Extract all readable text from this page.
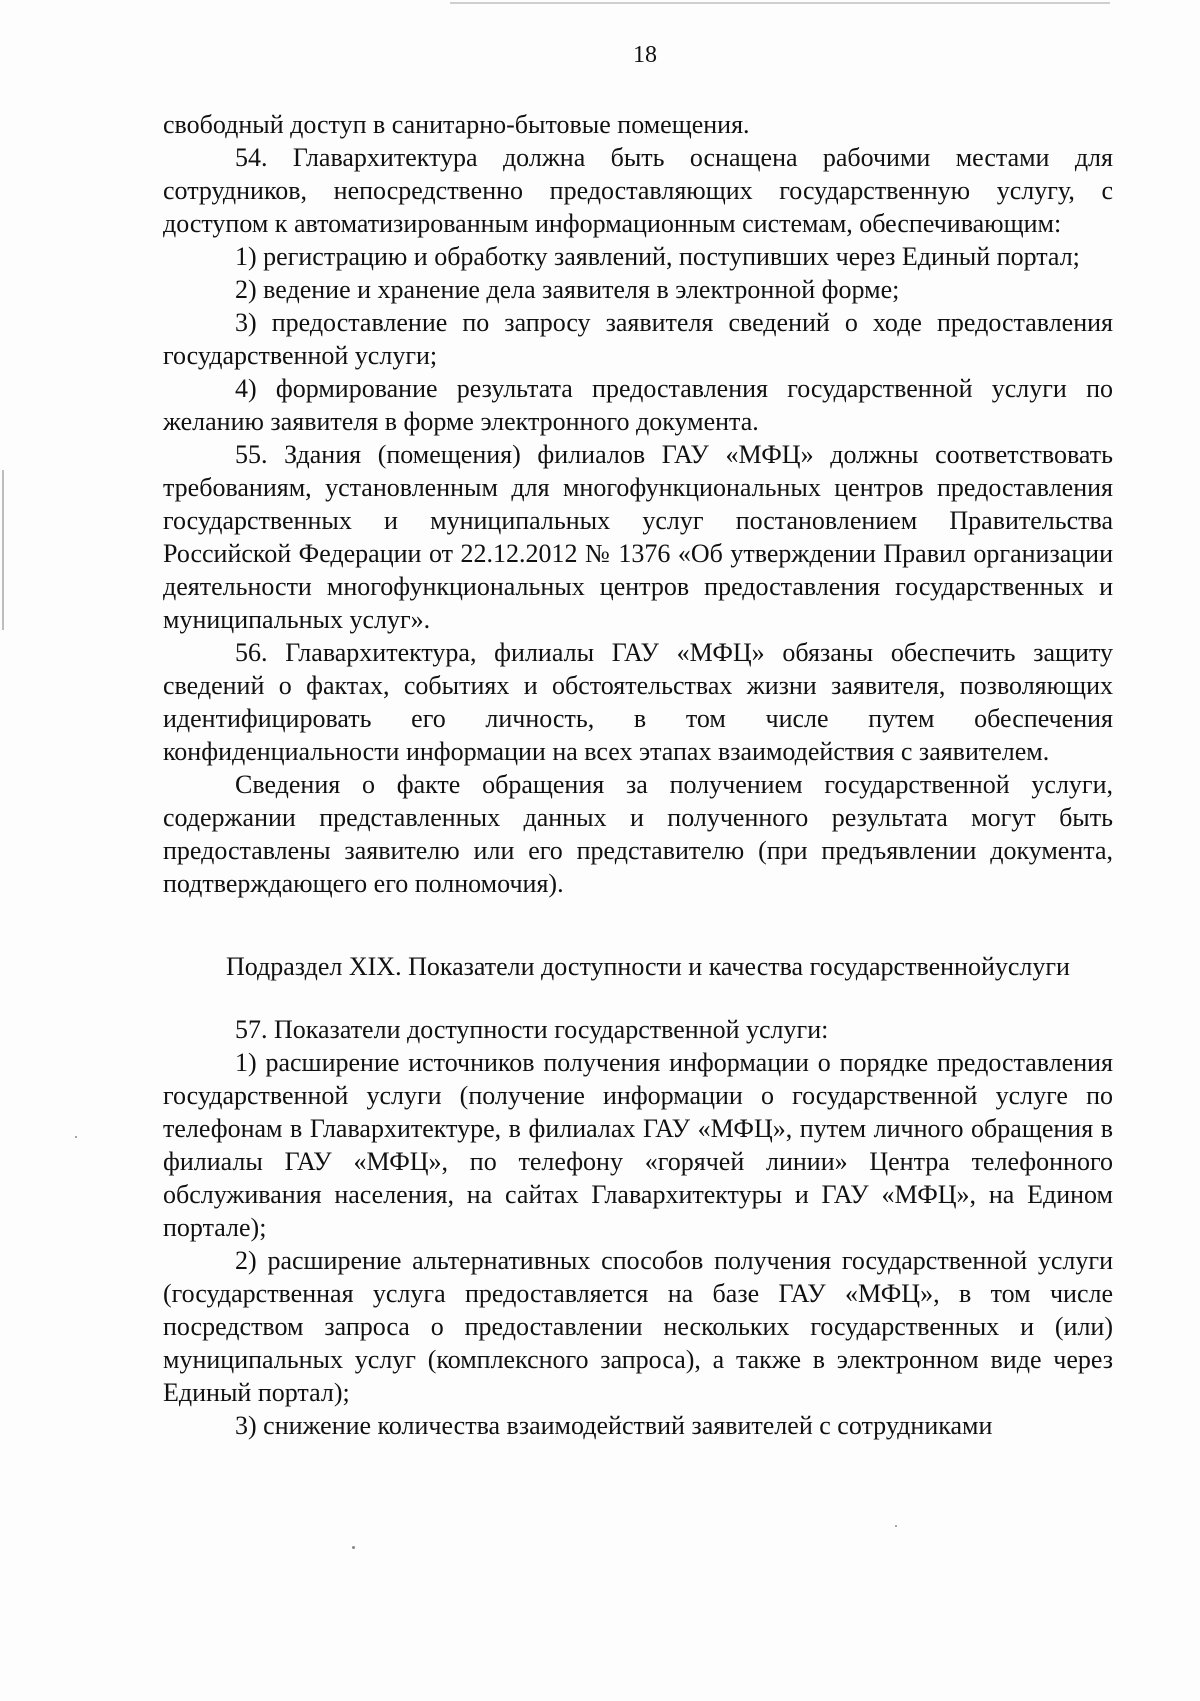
18

свободный доступ в санитарно-бытовые помещения.

54. Главархитектура должна быть оснащена рабочими местами для сотрудников, непосредственно предоставляющих государственную услугу, с доступом к автоматизированным информационным системам, обеспечивающим:

1) регистрацию и обработку заявлений, поступивших через Единый портал;

2) ведение и хранение дела заявителя в электронной форме;

3) предоставление по запросу заявителя сведений о ходе предоставления государственной услуги;

4) формирование результата предоставления государственной услуги по желанию заявителя в форме электронного документа.

55. Здания (помещения) филиалов ГАУ «МФЦ» должны соответствовать требованиям, установленным для многофункциональных центров предоставления государственных и муниципальных услуг постановлением Правительства Российской Федерации от 22.12.2012 № 1376 «Об утверждении Правил организации деятельности многофункциональных центров предоставления государственных и муниципальных услуг».

56. Главархитектура, филиалы ГАУ «МФЦ» обязаны обеспечить защиту сведений о фактах, событиях и обстоятельствах жизни заявителя, позволяющих идентифицировать его личность, в том числе путем обеспечения конфиденциальности информации на всех этапах взаимодействия с заявителем.

Сведения о факте обращения за получением государственной услуги, содержании представленных данных и полученного результата могут быть предоставлены заявителю или его представителю (при предъявлении документа, подтверждающего его полномочия).

Подраздел XIX. Показатели доступности и качества государственнойуслуги

57. Показатели доступности государственной услуги:

1) расширение источников получения информации о порядке предоставления государственной услуги (получение информации о государственной услуге по телефонам в Главархитектуре, в филиалах ГАУ «МФЦ», путем личного обращения в филиалы ГАУ «МФЦ», по телефону «горячей линии» Центра телефонного обслуживания населения, на сайтах Главархитектуры и ГАУ «МФЦ», на Едином портале);

2) расширение альтернативных способов получения государственной услуги (государственная услуга предоставляется на базе ГАУ «МФЦ», в том числе посредством запроса о предоставлении нескольких государственных и (или) муниципальных услуг (комплексного запроса), а также в электронном виде через Единый портал);

3) снижение количества взаимодействий заявителей с сотрудниками
